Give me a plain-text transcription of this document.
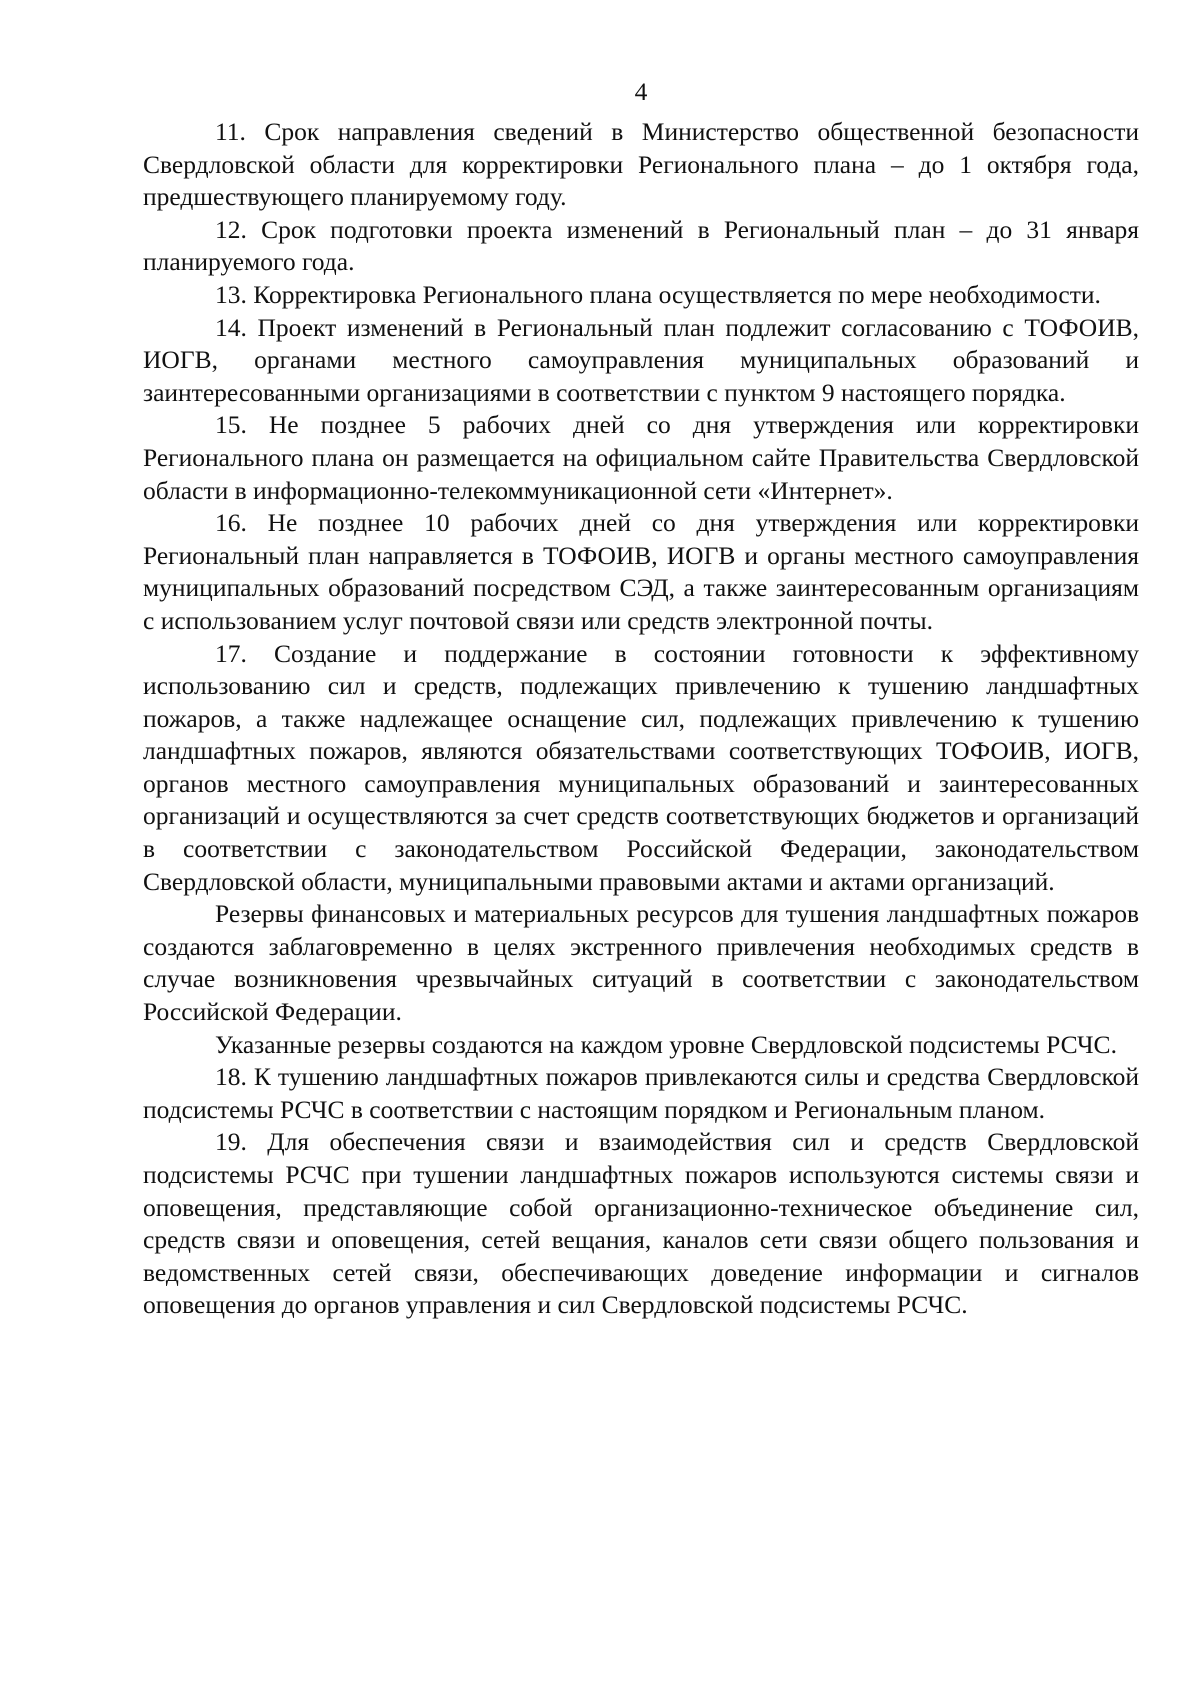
4

11. Срок направления сведений в Министерство общественной безопасности Свердловской области для корректировки Регионального плана – до 1 октября года, предшествующего планируемому году.

12. Срок подготовки проекта изменений в Региональный план – до 31 января планируемого года.

13. Корректировка Регионального плана осуществляется по мере необходимости.

14. Проект изменений в Региональный план подлежит согласованию с ТОФОИВ, ИОГВ, органами местного самоуправления муниципальных образований и заинтересованными организациями в соответствии с пунктом 9 настоящего порядка.

15. Не позднее 5 рабочих дней со дня утверждения или корректировки Регионального плана он размещается на официальном сайте Правительства Свердловской области в информационно-телекоммуникационной сети «Интернет».

16. Не позднее 10 рабочих дней со дня утверждения или корректировки Региональный план направляется в ТОФОИВ, ИОГВ и органы местного самоуправления муниципальных образований посредством СЭД, а также заинтересованным организациям с использованием услуг почтовой связи или средств электронной почты.

17. Создание и поддержание в состоянии готовности к эффективному использованию сил и средств, подлежащих привлечению к тушению ландшафтных пожаров, а также надлежащее оснащение сил, подлежащих привлечению к тушению ландшафтных пожаров, являются обязательствами соответствующих ТОФОИВ, ИОГВ, органов местного самоуправления муниципальных образований и заинтересованных организаций и осуществляются за счет средств соответствующих бюджетов и организаций в соответствии с законодательством Российской Федерации, законодательством Свердловской области, муниципальными правовыми актами и актами организаций.

Резервы финансовых и материальных ресурсов для тушения ландшафтных пожаров создаются заблаговременно в целях экстренного привлечения необходимых средств в случае возникновения чрезвычайных ситуаций в соответствии с законодательством Российской Федерации.

Указанные резервы создаются на каждом уровне Свердловской подсистемы РСЧС.

18. К тушению ландшафтных пожаров привлекаются силы и средства Свердловской подсистемы РСЧС в соответствии с настоящим порядком и Региональным планом.

19. Для обеспечения связи и взаимодействия сил и средств Свердловской подсистемы РСЧС при тушении ландшафтных пожаров используются системы связи и оповещения, представляющие собой организационно-техническое объединение сил, средств связи и оповещения, сетей вещания, каналов сети связи общего пользования и ведомственных сетей связи, обеспечивающих доведение информации и сигналов оповещения до органов управления и сил Свердловской подсистемы РСЧС.
